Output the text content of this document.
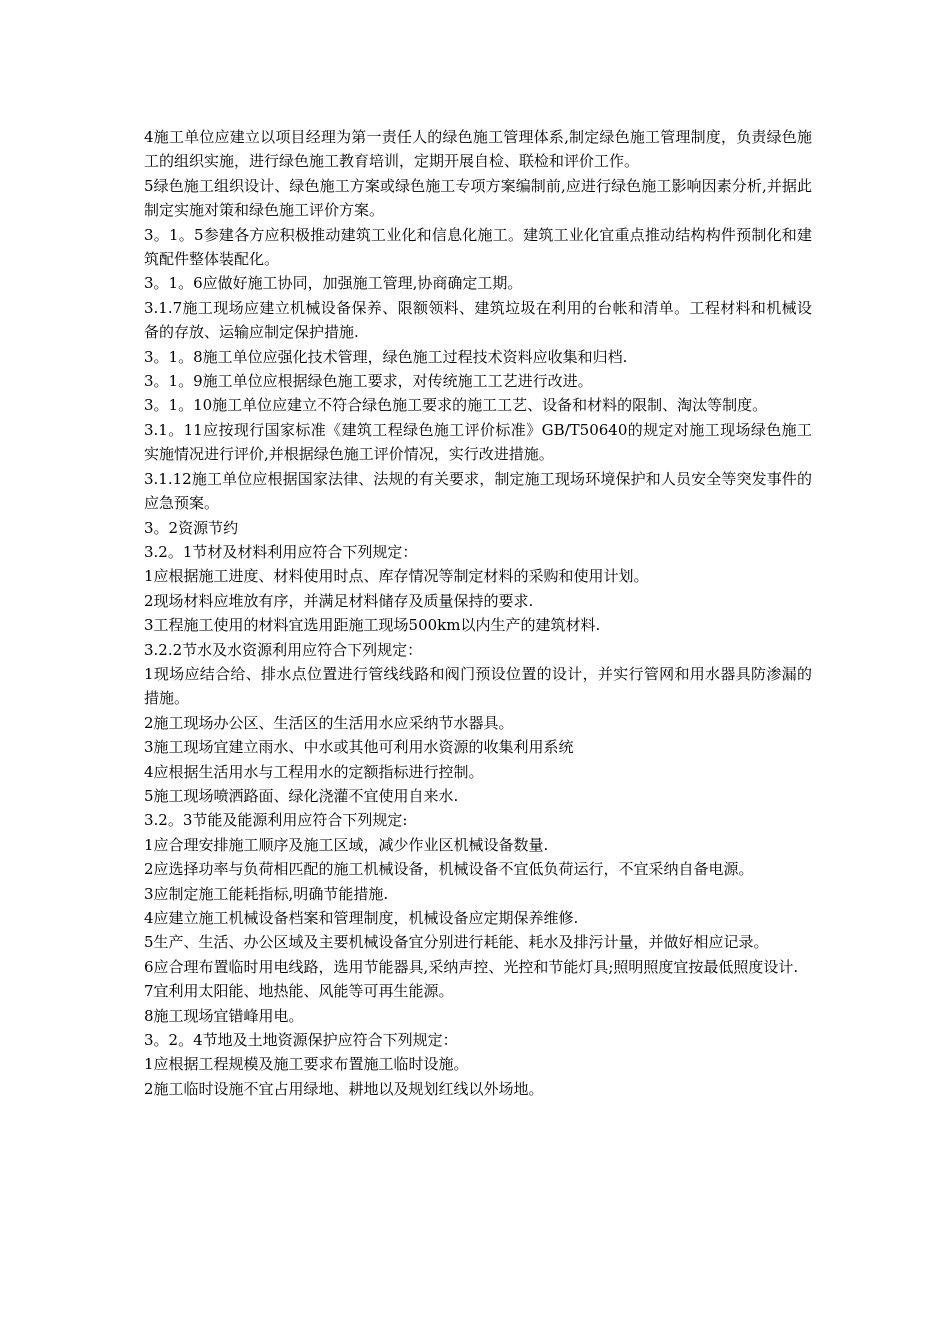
4施工单位应建立以项目经理为第一责任人的绿色施工管理体系,制定绿色施工管理制度，负责绿色施工的组织实施，进行绿色施工教育培训，定期开展自检、联检和评价工作。

5绿色施工组织设计、绿色施工方案或绿色施工专项方案编制前,应进行绿色施工影响因素分析,并据此制定实施对策和绿色施工评价方案。

3。1。5参建各方应积极推动建筑工业化和信息化施工。建筑工业化宜重点推动结构构件预制化和建筑配件整体装配化。

3。1。6应做好施工协同，加强施工管理,协商确定工期。

3.1.7施工现场应建立机械设备保养、限额领料、建筑垃圾在利用的台帐和清单。工程材料和机械设备的存放、运输应制定保护措施.

3。1。8施工单位应强化技术管理，绿色施工过程技术资料应收集和归档.

3。1。9施工单位应根据绿色施工要求，对传统施工工艺进行改进。

3。1。10施工单位应建立不符合绿色施工要求的施工工艺、设备和材料的限制、淘汰等制度。

3.1。11应按现行国家标准《建筑工程绿色施工评价标准》GB/T50640的规定对施工现场绿色施工实施情况进行评价,并根据绿色施工评价情况，实行改进措施。

3.1.12施工单位应根据国家法律、法规的有关要求，制定施工现场环境保护和人员安全等突发事件的应急预案。

3。2资源节约

3.2。1节材及材料利用应符合下列规定：

1应根据施工进度、材料使用时点、库存情况等制定材料的采购和使用计划。

2现场材料应堆放有序，并满足材料储存及质量保持的要求.

3工程施工使用的材料宜选用距施工现场500km以内生产的建筑材料.

3.2.2节水及水资源利用应符合下列规定：

1现场应结合给、排水点位置进行管线线路和阀门预设位置的设计，并实行管网和用水器具防渗漏的措施。

2施工现场办公区、生活区的生活用水应采纳节水器具。

3施工现场宜建立雨水、中水或其他可利用水资源的收集利用系统

4应根据生活用水与工程用水的定额指标进行控制。

5施工现场喷洒路面、绿化浇灌不宜使用自来水.

3.2。3节能及能源利用应符合下列规定:

1应合理安排施工顺序及施工区域，减少作业区机械设备数量.

2应选择功率与负荷相匹配的施工机械设备，机械设备不宜低负荷运行，不宜采纳自备电源。

3应制定施工能耗指标,明确节能措施.

4应建立施工机械设备档案和管理制度，机械设备应定期保养维修.

5生产、生活、办公区域及主要机械设备宜分别进行耗能、耗水及排污计量，并做好相应记录。

6应合理布置临时用电线路，选用节能器具,采纳声控、光控和节能灯具;照明照度宜按最低照度设计.

7宜利用太阳能、地热能、风能等可再生能源。

8施工现场宜错峰用电。

3。2。4节地及土地资源保护应符合下列规定：

1应根据工程规模及施工要求布置施工临时设施。

2施工临时设施不宜占用绿地、耕地以及规划红线以外场地。
